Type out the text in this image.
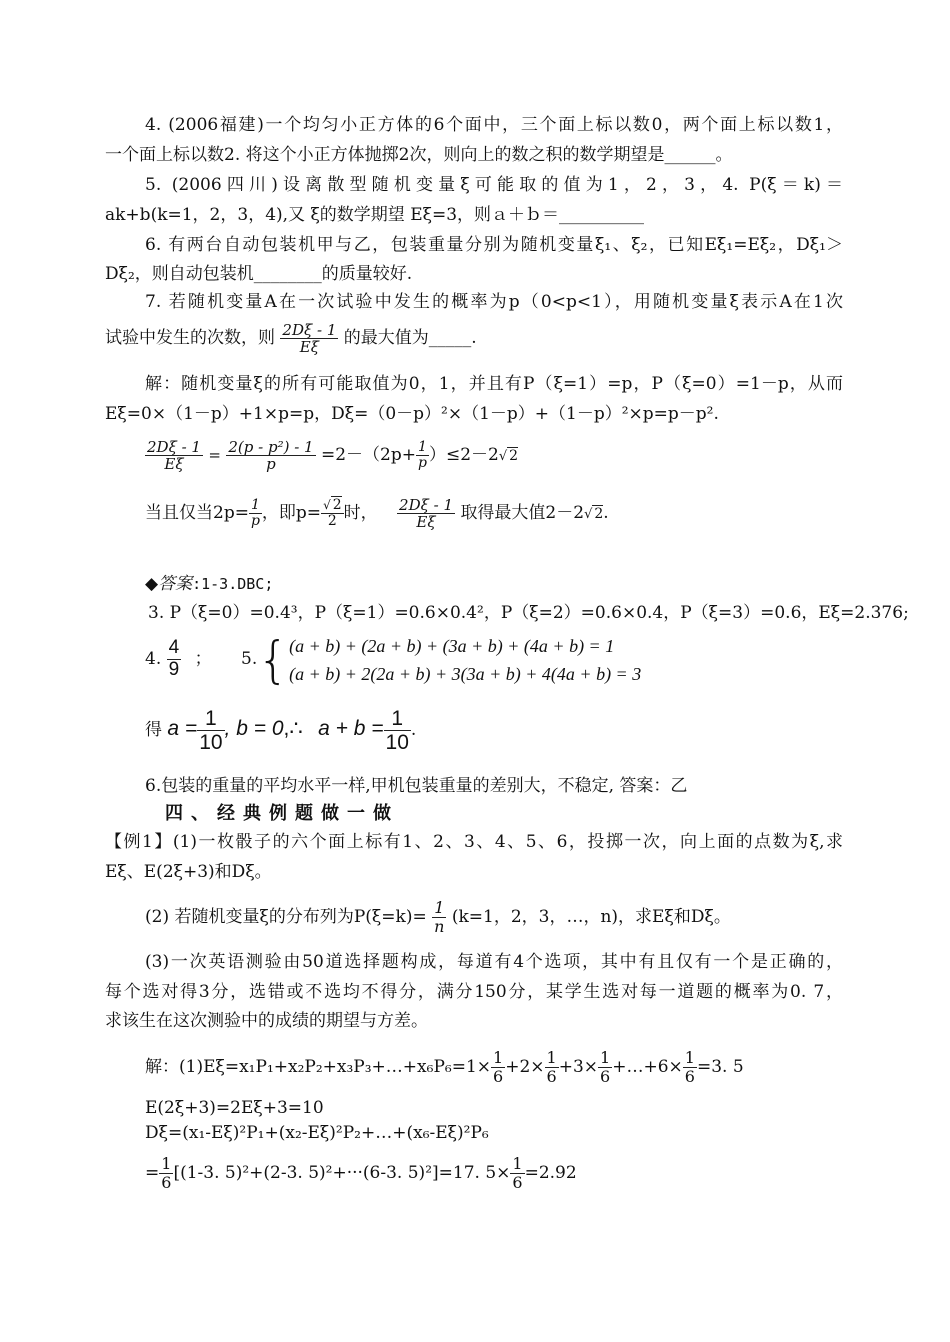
4. (2006福建)一个均匀小正方体的6个面中，三个面上标以数0，两个面上标以数1，
一个面上标以数2. 将这个小正方体抛掷2次，则向上的数之积的数学期望是______。
5. (2006四川)设离散型随机变量ξ可能取的值为1，2，3，4. P(ξ＝k)＝
ak+b(k=1，2，3，4),又 ξ的数学期望 Eξ=3，则ａ＋ｂ＝__________
6. 有两台自动包装机甲与乙，包装重量分别为随机变量ξ₁、ξ₂，已知Eξ₁=Eξ₂，Dξ₁＞
Dξ₂，则自动包装机________的质量较好.
7. 若随机变量A在一次试验中发生的概率为p（0<p<1），用随机变量ξ表示A在1次
试验中发生的次数，则 $\frac{2D\xi - 1}{E\xi}$ 的最大值为_____.
解：随机变量ξ的所有可能取值为0，1，并且有P（ξ=1）=p，P（ξ=0）=1－p，从而
Eξ=0×（1－p）+1×p=p，Dξ=（0－p）²×（1－p）+（1－p）²×p=p－p².
$\frac{2D\xi - 1}{E\xi} = \frac{\text{2(p - p²) - 1}}{p} =2-(2p+ \frac{1}{p} )\le 2-2√$ 2
当且仅当$2p= \frac{1}{p}$ ，即$p= \frac{√ 2}{2}$ 时， $\frac{2D\xi - 1}{E\xi}$ 取得最大值2－2√ 2.
◆答案:1-3.DBC;
3. P（ξ=0）=0.4³，P（ξ=1）=0.6×0.4²，P（ξ=2）=0.6×0.4，P（ξ=3）=0.6，Eξ=2.376;
4. $\frac{4}{9}$ ； 5.{ (a + b) + (2a + b) + (3a + b) + (4a + b) = 1
(a + b) + 2(2a + b) + 3(3a + b) + 4(4a + b) = 3
得 $a = \frac{1}{10}$ , b = 0,∴ $a + b = \frac{1}{10}$ .
6.包装的重量的平均水平一样,甲机包装重量的差别大，不稳定, 答案：乙
四、经典例题做一做
【例1】(1)一枚骰子的六个面上标有1、2、3、4、5、6，投掷一次，向上面的点数为ξ,求
Eξ、E(2ξ+3)和Dξ。
(2) 若随机变量ξ的分布列为$P(\xi=k)= \frac{1}{n} (k=1$，2，3，…，n)，求Eξ和Dξ。
(3)一次英语测验由50道选择题构成，每道有4个选项，其中有且仅有一个是正确的，
每个选对得3分，选错或不选均不得分，满分150分，某学生选对每一道题的概率为0. 7，
求该生在这次测验中的成绩的期望与方差。
解：(1)Eξ=x₁P₁+x₂P₂+x₃P₃+…+x₆P₆=1× $\frac{1}{6} +2\times \frac{1}{6} +3\times \frac{1}{6}$ +…+6× $\frac{1}{6} =3$. 5
E(2ξ+3)=2Eξ+3=10
Dξ=(x₁-Eξ)²P₁+(x₂-Eξ)²P₂+…+(x₆-Eξ)²P₆
= $\frac{1}{6} [(1-3$. 5)²+(2-3. 5)²+···(6-3. 5)²]=17. $5\times \frac{1}{6} =2.92$
